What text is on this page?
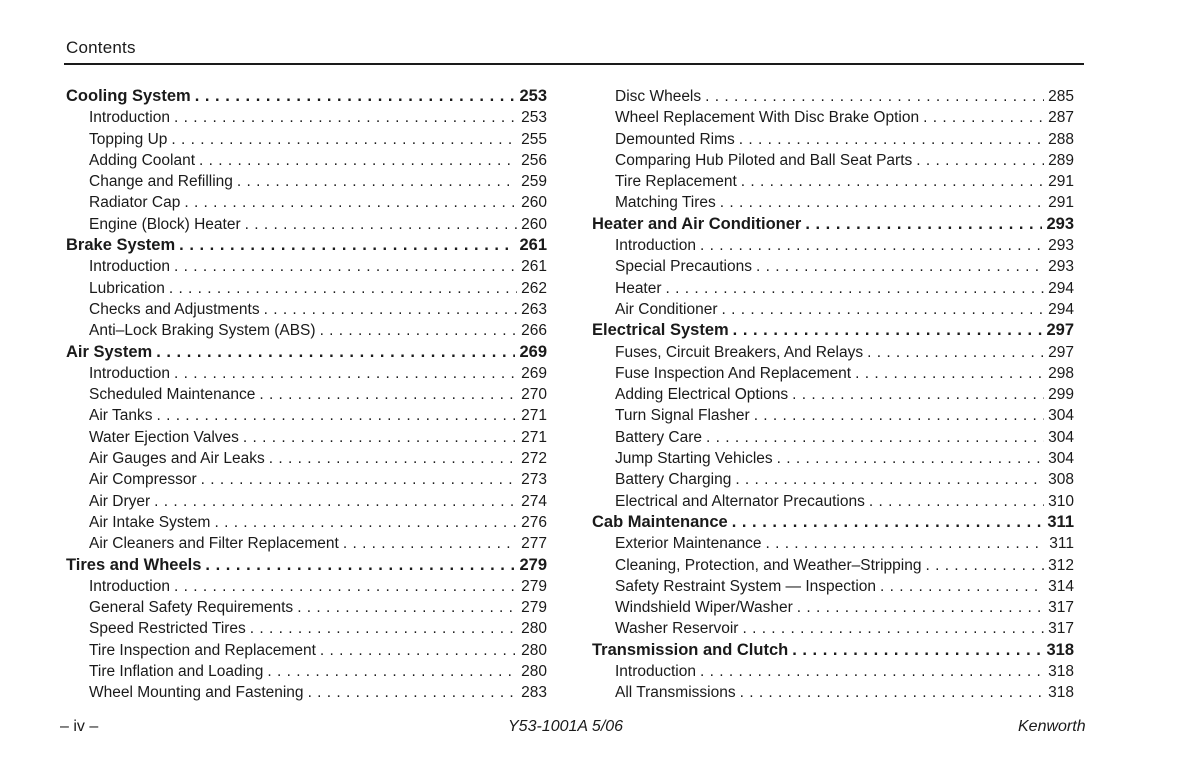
Contents
Cooling System . . .	253
Introduction . . .	253
Topping Up . . .	255
Adding Coolant . . .	256
Change and Refilling . . .	259
Radiator Cap . . .	260
Engine (Block) Heater . . .	260
Brake System . . .	261
Introduction . . .	261
Lubrication . . .	262
Checks and Adjustments . . .	263
Anti–Lock Braking System (ABS) . . .	266
Air System . . .	269
Introduction . . .	269
Scheduled Maintenance . . .	270
Air Tanks . . .	271
Water Ejection Valves . . .	271
Air Gauges and Air Leaks . . .	272
Air Compressor . . .	273
Air Dryer . . .	274
Air Intake System . . .	276
Air Cleaners and Filter Replacement . . .	277
Tires and Wheels . . .	279
Introduction . . .	279
General Safety Requirements . . .	279
Speed Restricted Tires . . .	280
Tire Inspection and Replacement . . .	280
Tire Inflation and Loading . . .	280
Wheel Mounting and Fastening . . .	283
Disc Wheels . . .	285
Wheel Replacement With Disc Brake Option . . .	287
Demounted Rims . . .	288
Comparing Hub Piloted and Ball Seat Parts . . .	289
Tire Replacement . . .	291
Matching Tires . . .	291
Heater and Air Conditioner . . .	293
Introduction . . .	293
Special Precautions . . .	293
Heater . . .	294
Air Conditioner . . .	294
Electrical System . . .	297
Fuses, Circuit Breakers, And Relays . . .	297
Fuse Inspection And Replacement . . .	298
Adding Electrical Options . . .	299
Turn Signal Flasher . . .	304
Battery Care . . .	304
Jump Starting Vehicles . . .	304
Battery Charging . . .	308
Electrical and Alternator Precautions . . .	310
Cab Maintenance . . .	311
Exterior Maintenance . . .	311
Cleaning, Protection, and Weather–Stripping . . .	312
Safety Restraint System — Inspection . . .	314
Windshield Wiper/Washer . . .	317
Washer Reservoir . . .	317
Transmission and Clutch . . .	318
Introduction . . .	318
All Transmissions . . .	318
– iv –	Y53-1001A 5/06	Kenworth
